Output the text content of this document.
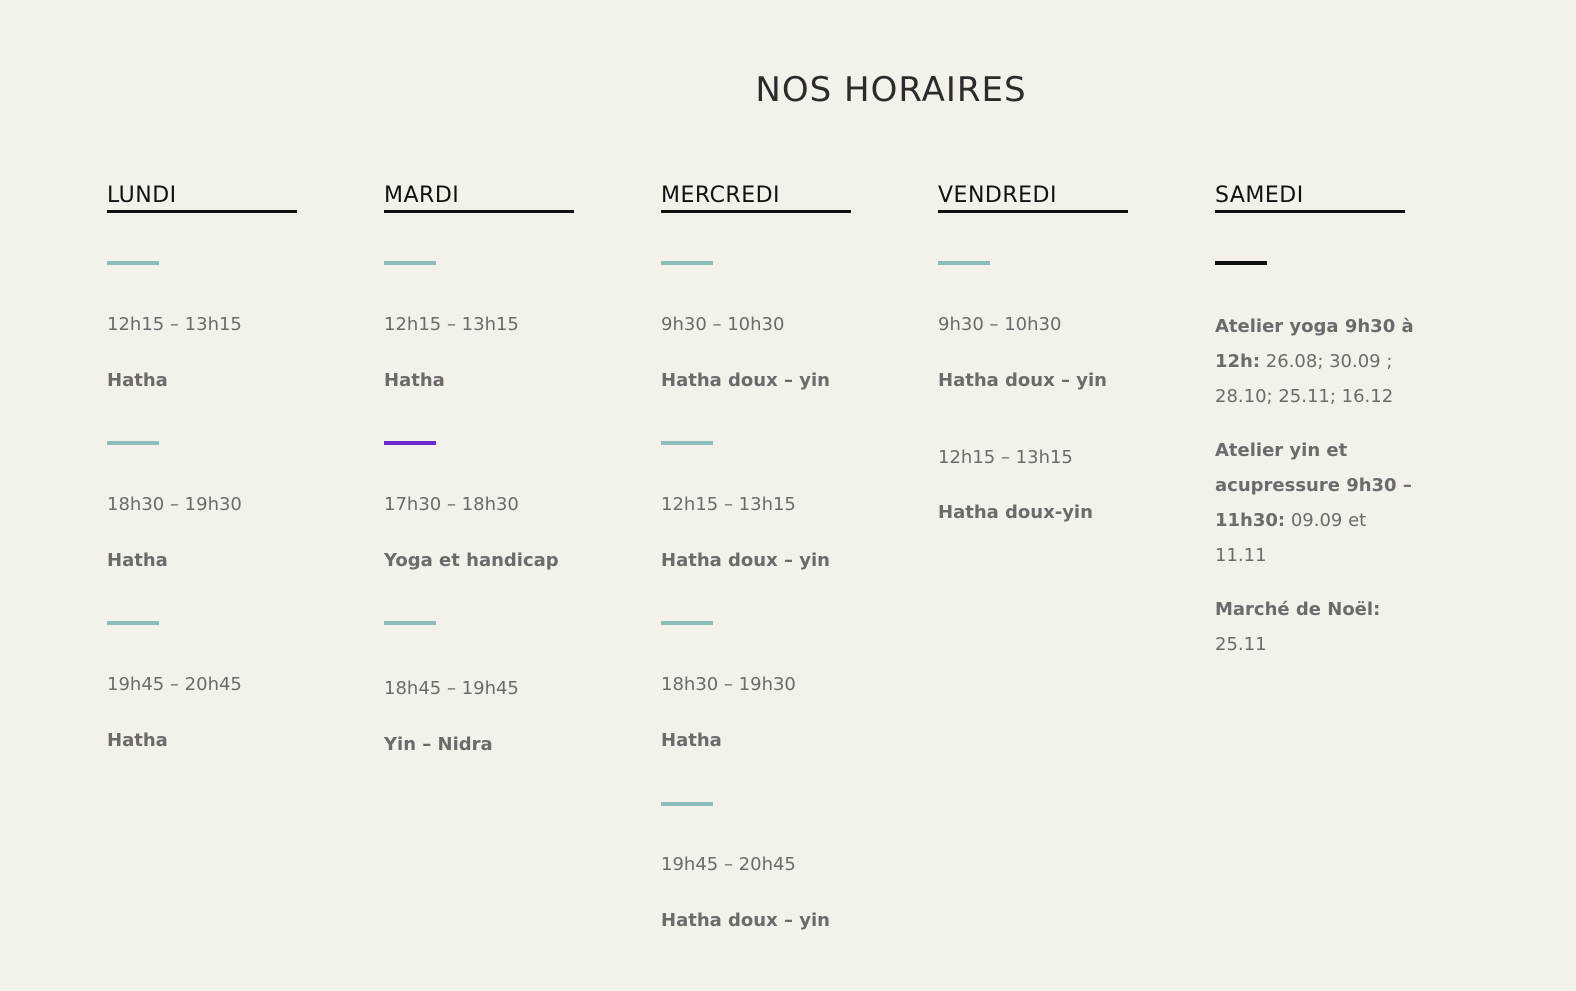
NOS HORAIRES
LUNDI
12h15 – 13h15
Hatha
18h30 – 19h30
Hatha
19h45 – 20h45
Hatha
MARDI
12h15 – 13h15
Hatha
17h30 – 18h30
Yoga et handicap
18h45 – 19h45
Yin – Nidra
MERCREDI
9h30 – 10h30
Hatha doux – yin
12h15 – 13h15
Hatha doux – yin
18h30 – 19h30
Hatha
19h45 – 20h45
Hatha doux – yin
VENDREDI
9h30 – 10h30
Hatha doux – yin
12h15 – 13h15
Hatha doux-yin
SAMEDI
Atelier yoga 9h30 à 12h: 26.08; 30.09 ; 28.10; 25.11; 16.12
Atelier yin et acupressure 9h30 – 11h30: 09.09 et 11.11
Marché de Noël: 25.11
